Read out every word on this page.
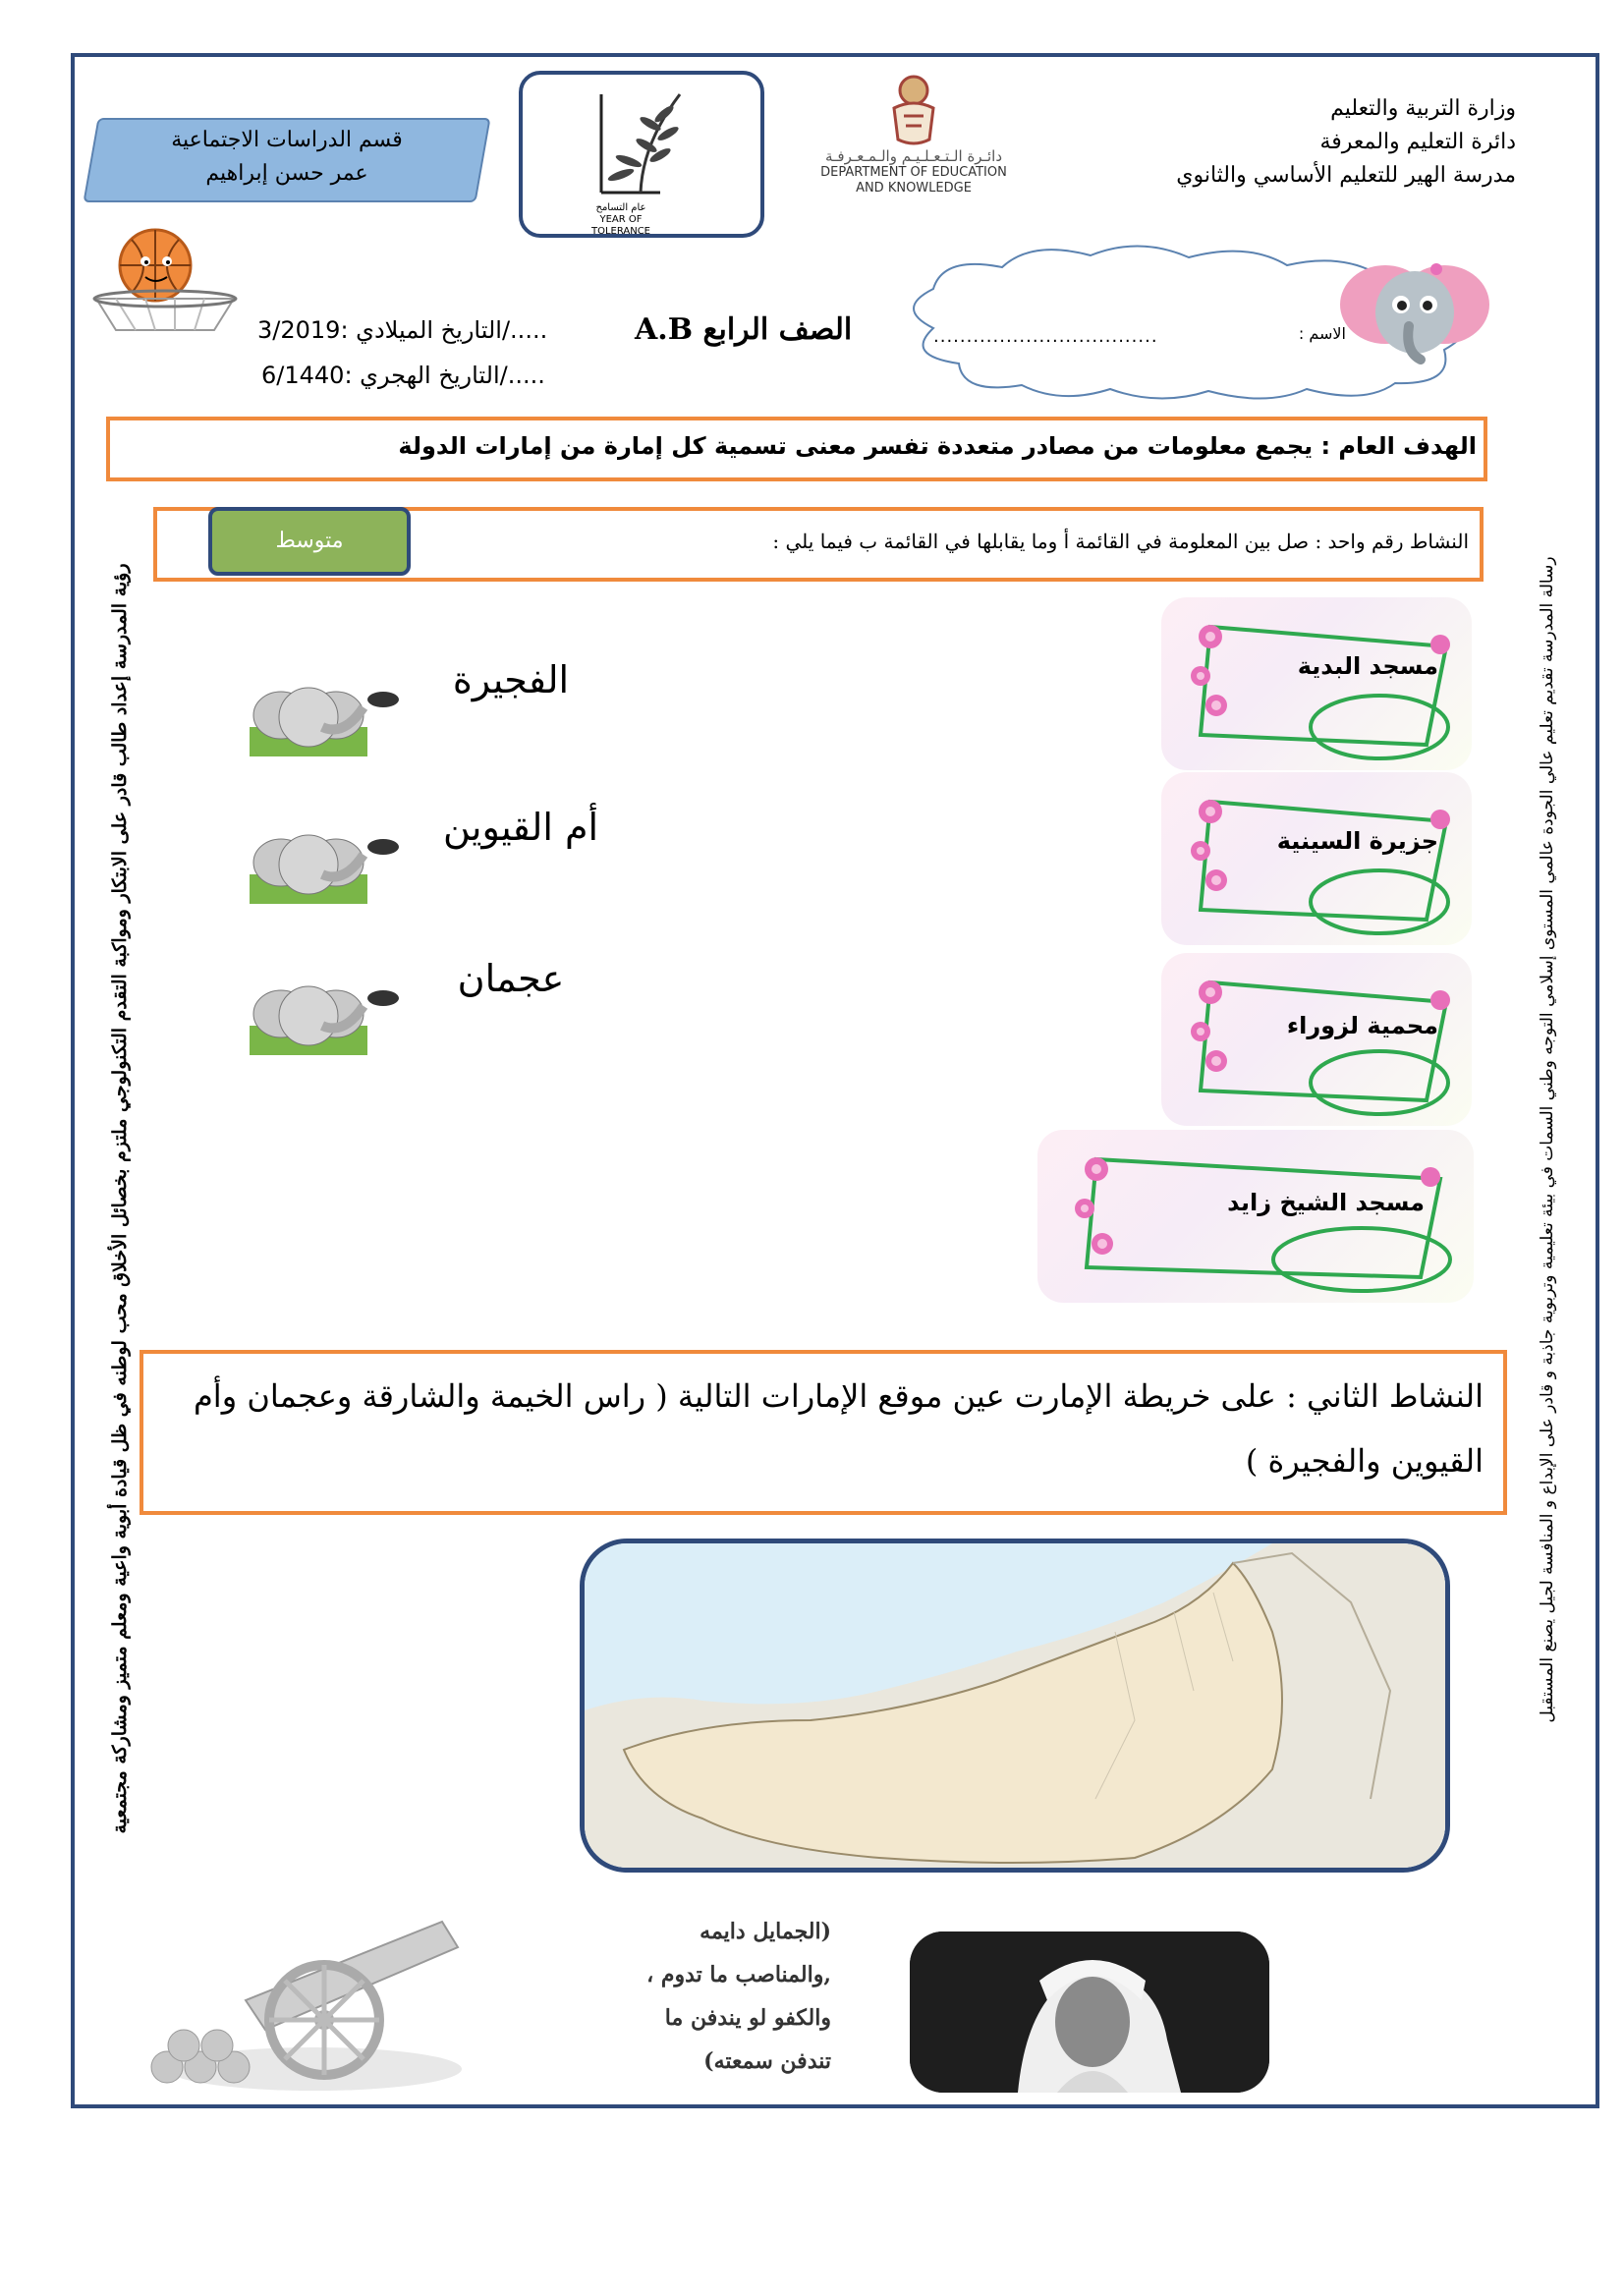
وزارة التربية والتعليم
دائرة التعليم والمعرفة
مدرسة الهير للتعليم الأساسي والثانوي
دائـرة الـتـعـلـيـم والـمـعـرفـة
DEPARTMENT OF EDUCATION
AND KNOWLEDGE
عام التسامح
YEAR OF TOLERANCE
قسم الدراسات الاجتماعية
عمر حسن إبراهيم
الاسم :
..................................
الصف الرابع A.B
التاريخ الميلادي :3/2019/.....
التاريخ الهجري :6/1440/.....
الهدف العام : يجمع معلومات من مصادر متعددة تفسر معنى تسمية كل إمارة من إمارات الدولة
النشاط رقم واحد : صل بين المعلومة في القائمة أ وما يقابلها في القائمة ب فيما يلي :
متوسط
مسجد البدية
جزيرة السينية
محمية لزوراء
مسجد الشيخ زايد
الفجيرة
أم القيوين
عجمان
النشاط الثاني : على خريطة الإمارت عين موقع الإمارات التالية ( راس الخيمة والشارقة وعجمان وأم
القيوين والفجيرة )	رسالة المدرسة تقديم تعليم عالي الجودة عالمي المستوى إسلامي التوجه وطني السمات في بيئة تعليمية وتربوية جاذبة و قادر على الإبداع و المنافسة لجيل يصنع المستقبل
رؤية المدرسة إعداد طالب قادر على الابتكار ومواكبة التقدم التكنولوجي ملتزم بخصائل الأخلاق محب لوطنه في ظل قيادة أبوية واعية ومعلم متميز ومشاركة مجتمعية
(الجمايل دايمه
,والمناصب ما تدوم ،
والكفو لو يندفن ما
تندفن سمعته)
